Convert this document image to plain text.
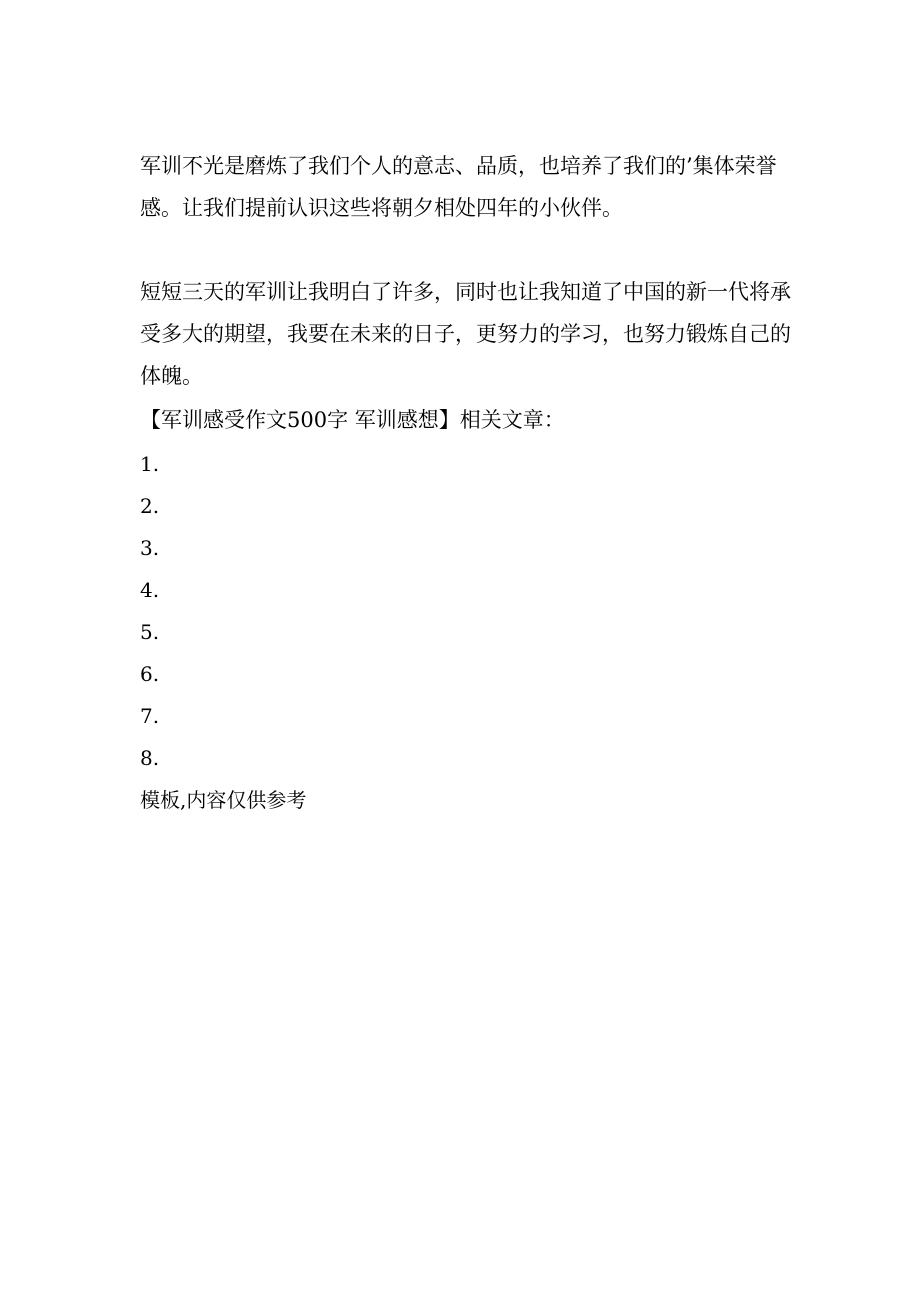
军训不光是磨炼了我们个人的意志、品质，也培养了我们的’集体荣誉感。让我们提前认识这些将朝夕相处四年的小伙伴。

短短三天的军训让我明白了许多，同时也让我知道了中国的新一代将承受多大的期望，我要在未来的日子，更努力的学习，也努力锻炼自己的体魄。

【军训感受作文500字 军训感想】相关文章：

1.

2.

3.

4.

5.

6.

7.

8.

模板,内容仅供参考
